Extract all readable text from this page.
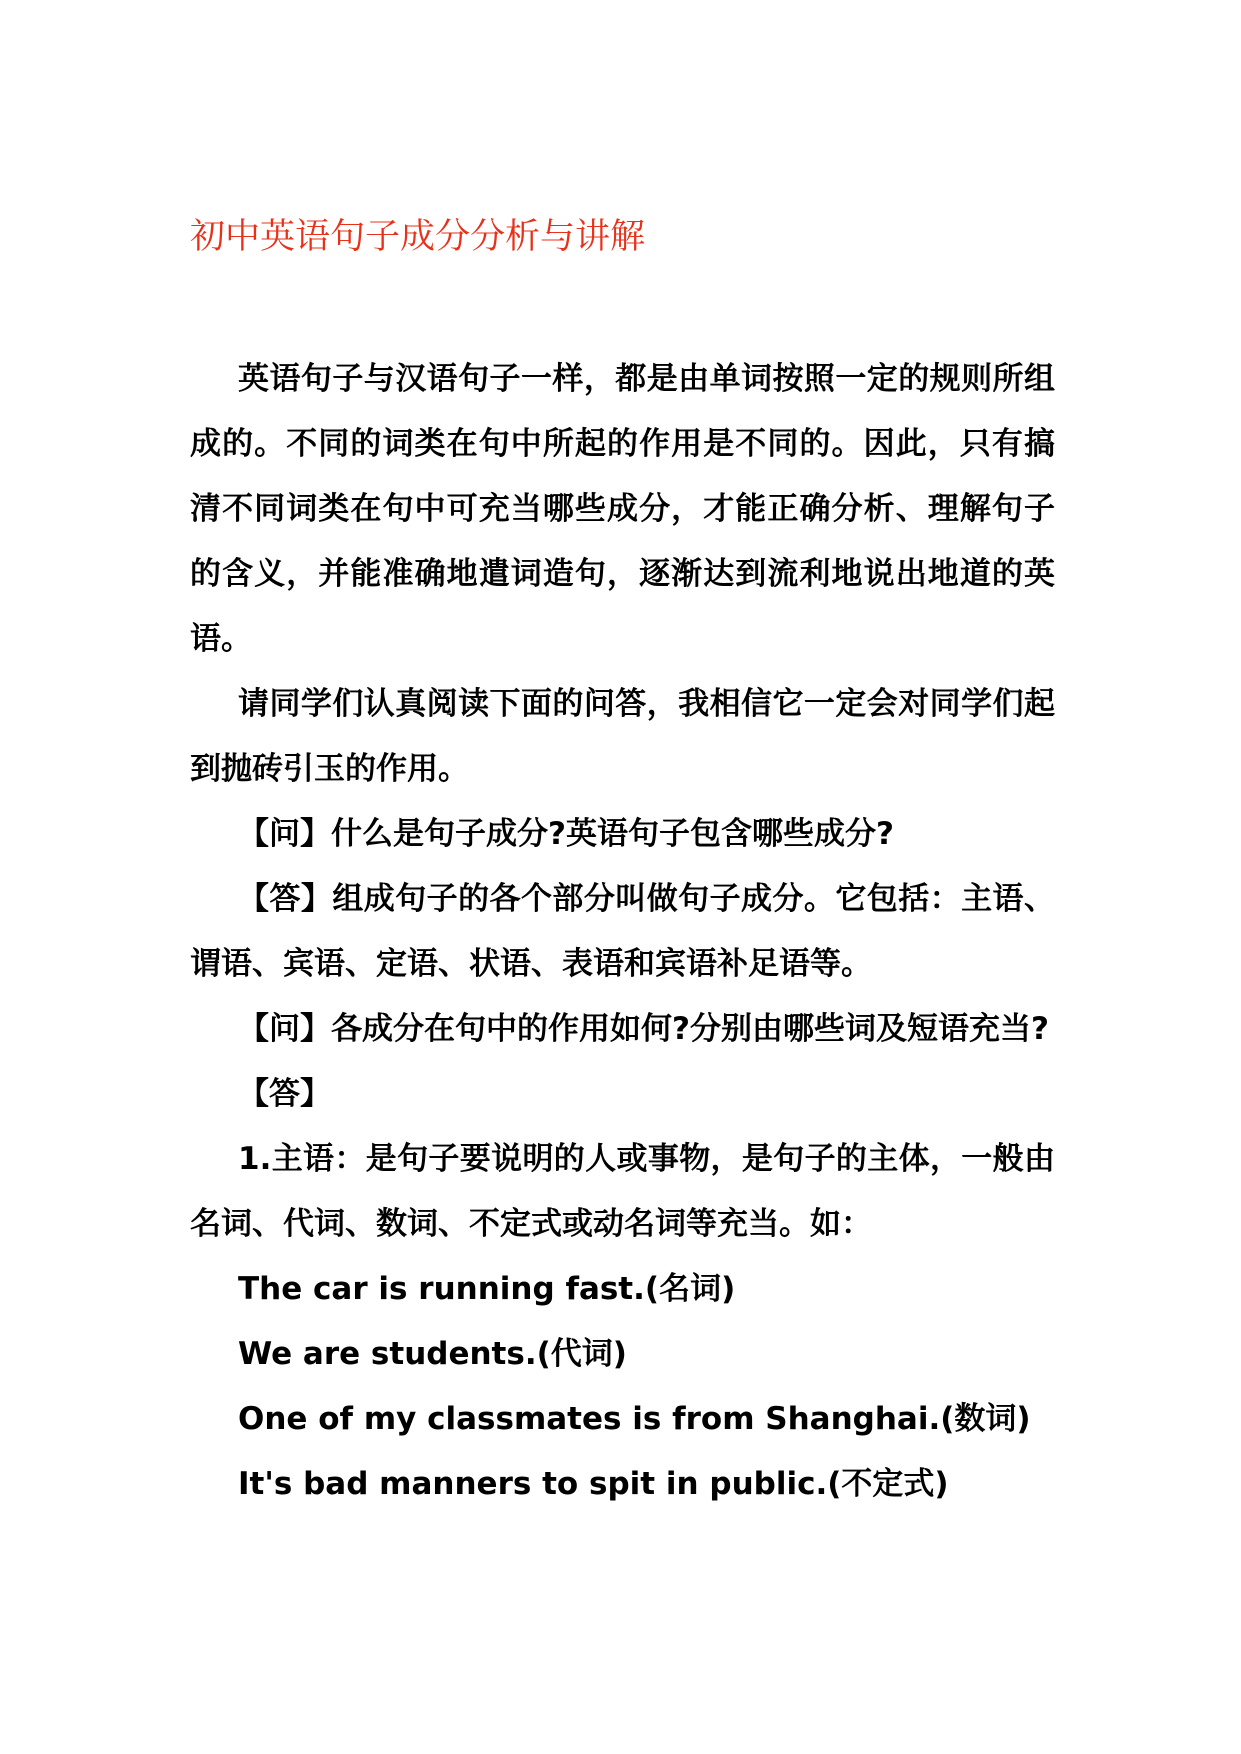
初中英语句子成分分析与讲解

英语句子与汉语句子一样，都是由单词按照一定的规则所组成的。不同的词类在句中所起的作用是不同的。因此，只有搞清不同词类在句中可充当哪些成分，才能正确分析、理解句子的含义，并能准确地遣词造句，逐渐达到流利地说出地道的英语。

请同学们认真阅读下面的问答，我相信它一定会对同学们起到抛砖引玉的作用。

【问】什么是句子成分?英语句子包含哪些成分?

【答】组成句子的各个部分叫做句子成分。它包括：主语、谓语、宾语、定语、状语、表语和宾语补足语等。

【问】各成分在句中的作用如何?分别由哪些词及短语充当?

【答】

1.主语：是句子要说明的人或事物，是句子的主体，一般由名词、代词、数词、不定式或动名词等充当。如：

The car is running fast.(名词)

We are students.(代词)

One of my classmates is from Shanghai.(数词)

It's bad manners to spit in public.(不定式)
